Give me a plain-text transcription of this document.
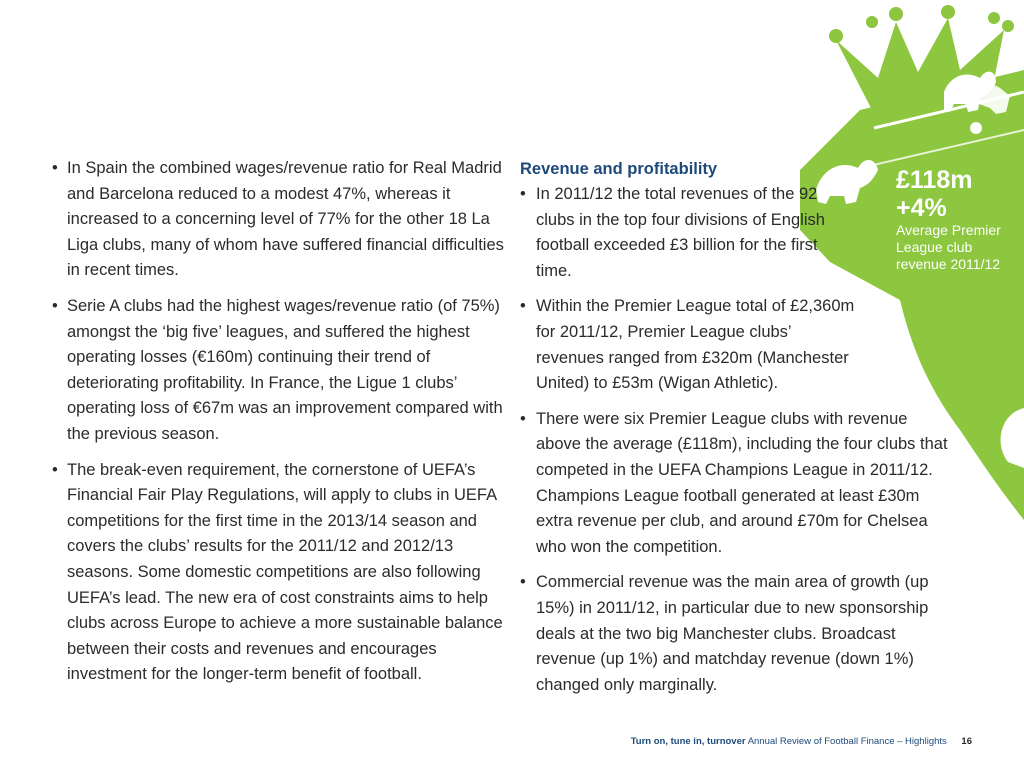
• In Spain the combined wages/revenue ratio for Real Madrid and Barcelona reduced to a modest 47%, whereas it increased to a concerning level of 77% for the other 18 La Liga clubs, many of whom have suffered financial difficulties in recent times.

• Serie A clubs had the highest wages/revenue ratio (of 75%) amongst the ‘big five’ leagues, and suffered the highest operating losses (€160m) continuing their trend of deteriorating profitability. In France, the Ligue 1 clubs’ operating loss of €67m was an improvement compared with the previous season.

• The break-even requirement, the cornerstone of UEFA’s Financial Fair Play Regulations, will apply to clubs in UEFA competitions for the first time in the 2013/14 season and covers the clubs’ results for the 2011/12 and 2012/13 seasons. Some domestic competitions are also following UEFA’s lead. The new era of cost constraints aims to help clubs across Europe to achieve a more sustainable balance between their costs and revenues and encourages investment for the longer-term benefit of football.

Revenue and profitability

• In 2011/12 the total revenues of the 92 clubs in the top four divisions of English football exceeded £3 billion for the first time.

• Within the Premier League total of £2,360m for 2011/12, Premier League clubs’ revenues ranged from £320m (Manchester United) to £53m (Wigan Athletic).

• There were six Premier League clubs with revenue above the average (£118m), including the four clubs that competed in the UEFA Champions League in 2011/12. Champions League football generated at least £30m extra revenue per club, and around £70m for Chelsea who won the competition.

• Commercial revenue was the main area of growth (up 15%) in 2011/12, in particular due to new sponsorship deals at the two big Manchester clubs. Broadcast revenue (up 1%) and matchday revenue (down 1%) changed only marginally.

£118m
+4%
Average Premier League club revenue 2011/12
Turn on, tune in, turnover Annual Review of Football Finance – Highlights 16
